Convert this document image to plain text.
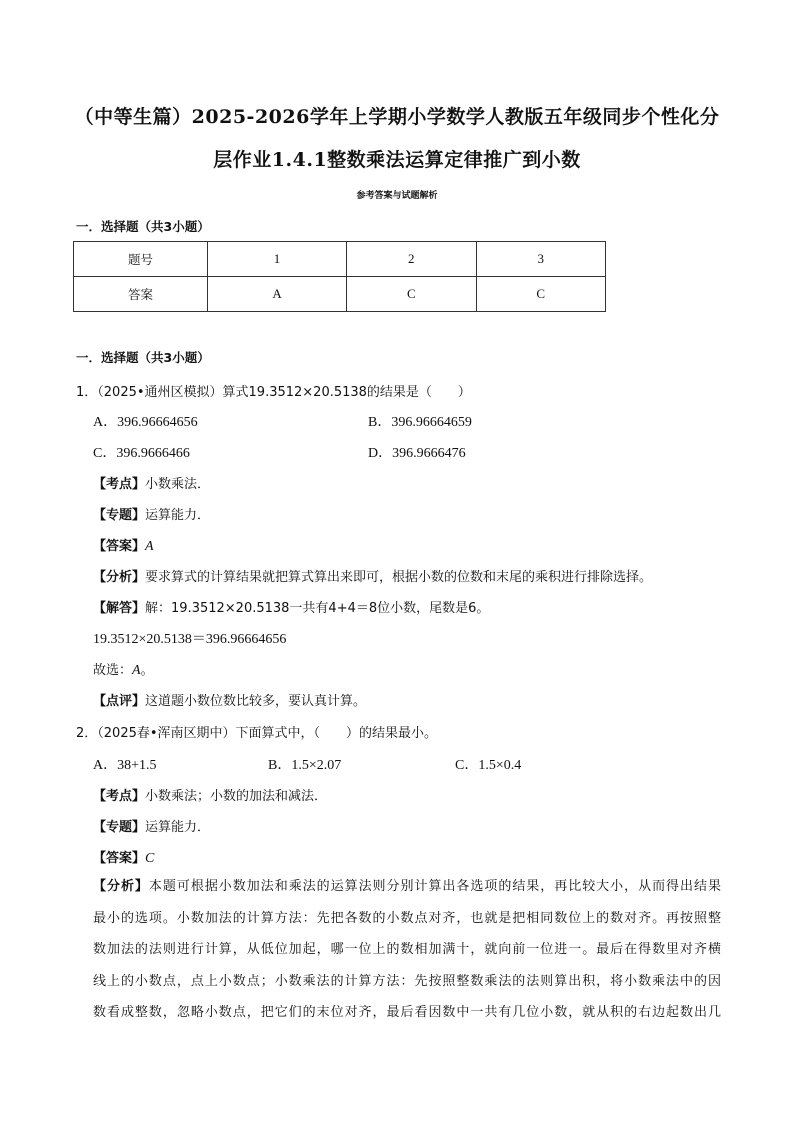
（中等生篇）2025-2026学年上学期小学数学人教版五年级同步个性化分
层作业1.4.1整数乘法运算定律推广到小数
参考答案与试题解析
一．选择题（共3小题）
题号	1	2	3
答案	A	C	C
一．选择题（共3小题）
1．（2025•通州区模拟）算式19.3512×20.5138的结果是（　　）
A．396.96664656	B．396.96664659
C．396.9666466	D．396.9666476
【考点】小数乘法．
【专题】运算能力．
【答案】A
【分析】要求算式的计算结果就把算式算出来即可，根据小数的位数和末尾的乘积进行排除选择。
【解答】解：19.3512×20.5138一共有4+4＝8位小数，尾数是6。
19.3512×20.5138＝396.96664656
故选：A。
【点评】这道题小数位数比较多，要认真计算。
2．（2025春•浑南区期中）下面算式中，（　　）的结果最小。
A．38+1.5	B．1.5×2.07	C．1.5×0.4
【考点】小数乘法；小数的加法和减法．
【专题】运算能力．
【答案】C
【分析】本题可根据小数加法和乘法的运算法则分别计算出各选项的结果，再比较大小，从而得出结果
最小的选项。小数加法的计算方法：先把各数的小数点对齐，也就是把相同数位上的数对齐。再按照整
数加法的法则进行计算，从低位加起，哪一位上的数相加满十，就向前一位进一。最后在得数里对齐横
线上的小数点，点上小数点；小数乘法的计算方法：先按照整数乘法的法则算出积，将小数乘法中的因
数看成整数，忽略小数点，把它们的末位对齐，最后看因数中一共有几位小数，就从积的右边起数出几
